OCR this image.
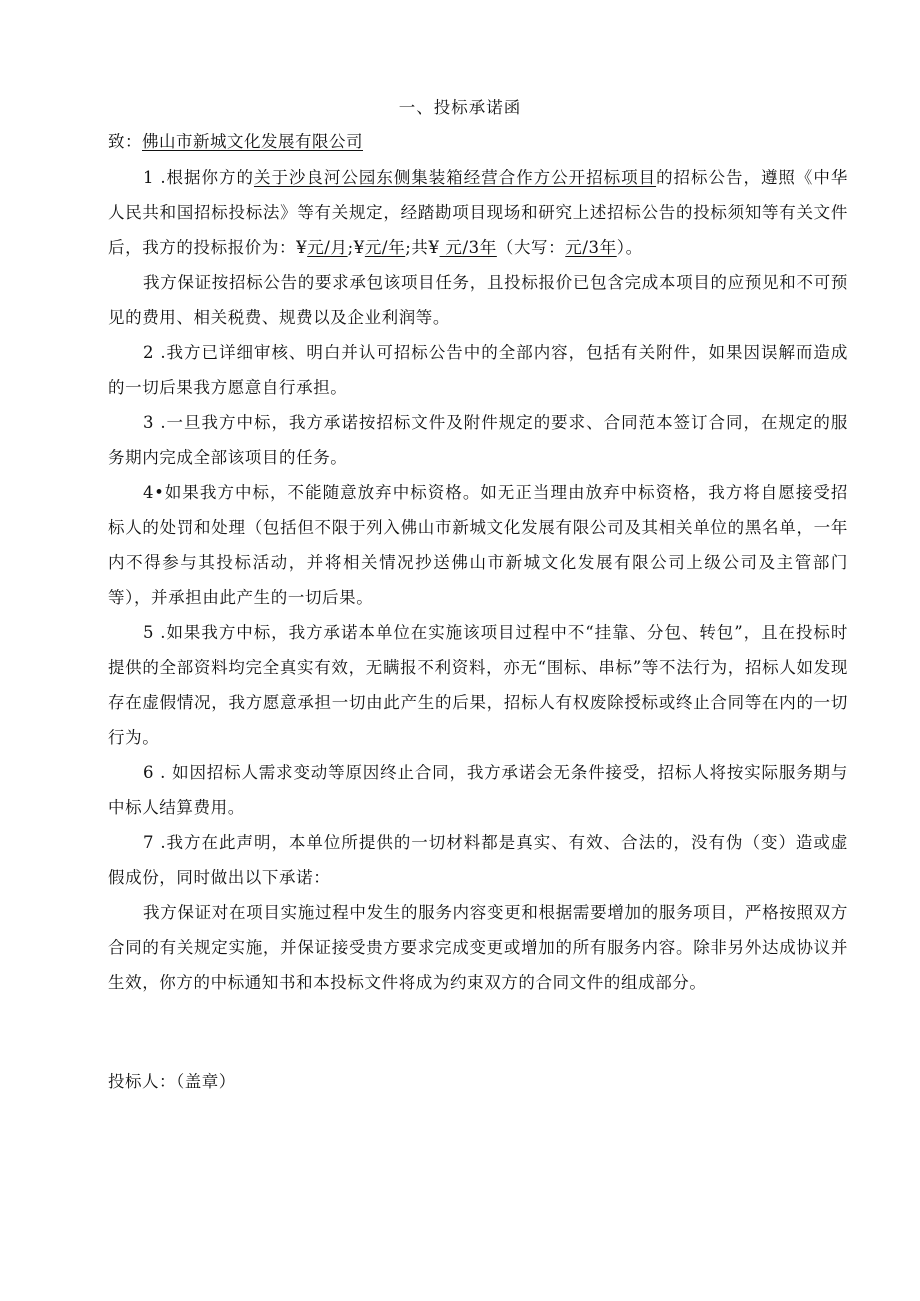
一、投标承诺函
致：佛山市新城文化发展有限公司

1 .根据你方的关于沙良河公园东侧集装箱经营合作方公开招标项目的招标公告，遵照《中华人民共和国招标投标法》等有关规定，经踏勘项目现场和研究上述招标公告的投标须知等有关文件后，我方的投标报价为：¥元/月;¥元/年;共¥ 元/3年（大写：元/3年）。

我方保证按招标公告的要求承包该项目任务，且投标报价已包含完成本项目的应预见和不可预见的费用、相关税费、规费以及企业利润等。

2 .我方已详细审核、明白并认可招标公告中的全部内容，包括有关附件，如果因误解而造成的一切后果我方愿意自行承担。

3 .一旦我方中标，我方承诺按招标文件及附件规定的要求、合同范本签订合同，在规定的服务期内完成全部该项目的任务。

4•如果我方中标，不能随意放弃中标资格。如无正当理由放弃中标资格，我方将自愿接受招标人的处罚和处理（包括但不限于列入佛山市新城文化发展有限公司及其相关单位的黑名单，一年内不得参与其投标活动，并将相关情况抄送佛山市新城文化发展有限公司上级公司及主管部门等），并承担由此产生的一切后果。

5 .如果我方中标，我方承诺本单位在实施该项目过程中不“挂靠、分包、转包”，且在投标时提供的全部资料均完全真实有效，无瞒报不利资料，亦无“围标、串标”等不法行为，招标人如发现存在虚假情况，我方愿意承担一切由此产生的后果，招标人有权废除授标或终止合同等在内的一切行为。

6 . 如因招标人需求变动等原因终止合同，我方承诺会无条件接受，招标人将按实际服务期与中标人结算费用。

7 .我方在此声明，本单位所提供的一切材料都是真实、有效、合法的，没有伪（变）造或虚假成份，同时做出以下承诺：

我方保证对在项目实施过程中发生的服务内容变更和根据需要增加的服务项目，严格按照双方合同的有关规定实施，并保证接受贵方要求完成变更或增加的所有服务内容。除非另外达成协议并生效，你方的中标通知书和本投标文件将成为约束双方的合同文件的组成部分。

投标人：（盖章）
